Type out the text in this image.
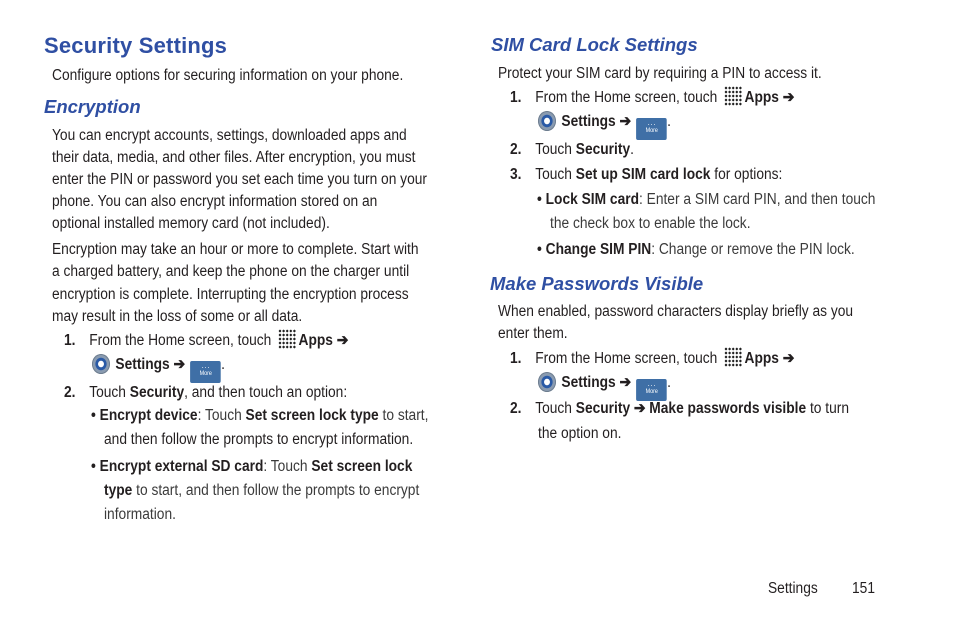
Security Settings

Configure options for securing information on your phone.

Encryption

You can encrypt accounts, settings, downloaded apps and

their data, media, and other files. After encryption, you must

enter the PIN or password you set each time you turn on your

phone. You can also encrypt information stored on an

optional installed memory card (not included).

Encryption may take an hour or more to complete. Start with

a charged battery, and keep the phone on the charger until

encryption is complete. Interrupting the encryption process

may result in the loss of some or all data.

1. From the Home screen, touch Apps ➔

Settings ➔	···
More.

2. Touch Security, and then touch an option:

• Encrypt device: Touch Set screen lock type to start,

and then follow the prompts to encrypt information.

• Encrypt external SD card: Touch Set screen lock

type to start, and then follow the prompts to encrypt

information.

SIM Card Lock Settings

Protect your SIM card by requiring a PIN to access it.

1. From the Home screen, touch Apps ➔

Settings ➔	···
More.

2. Touch Security.

3. Touch Set up SIM card lock for options:

• Lock SIM card: Enter a SIM card PIN, and then touch

the check box to enable the lock.

• Change SIM PIN: Change or remove the PIN lock.

Make Passwords Visible

When enabled, password characters display briefly as you

enter them.

1. From the Home screen, touch Apps ➔

Settings ➔	···
More.

2. Touch Security ➔ Make passwords visible to turn

the option on.

Settings 151
